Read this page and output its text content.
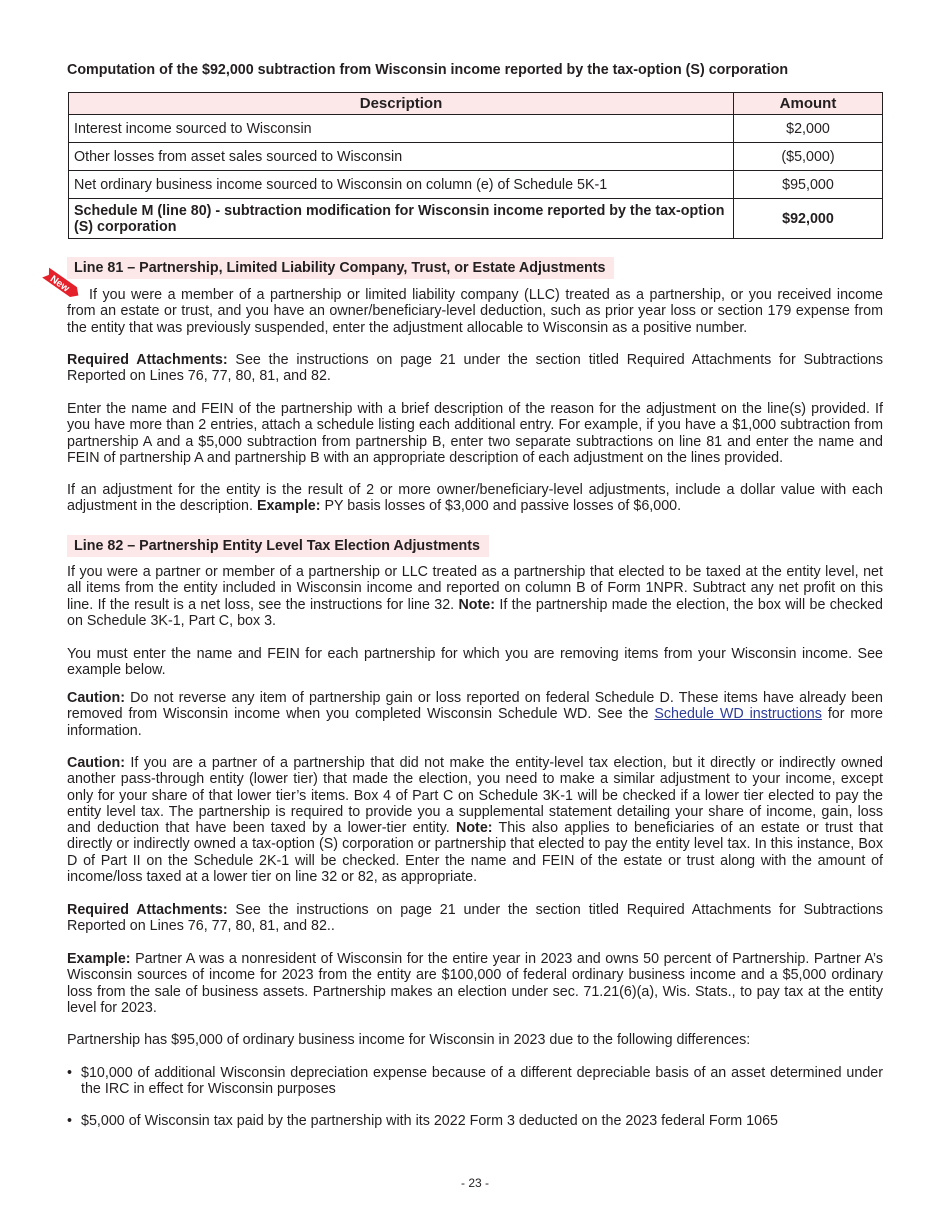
Computation of the $92,000 subtraction from Wisconsin income reported by the tax-option (S) corporation
Description	Amount
Interest income sourced to Wisconsin	$2,000
Other losses from asset sales sourced to Wisconsin	($5,000)
Net ordinary business income sourced to Wisconsin on column (e) of Schedule 5K-1	$95,000
Schedule M (line 80) - subtraction modification for Wisconsin income reported by the tax-option (S) corporation	$92,000
Line 81 – Partnership, Limited Liability Company, Trust, or Estate Adjustments
If you were a member of a partnership or limited liability company (LLC) treated as a partnership, or you received income from an estate or trust, and you have an owner/beneficiary-level deduction, such as prior year loss or section 179 expense from the entity that was previously suspended, enter the adjustment allocable to Wisconsin as a positive number.
Required Attachments: See the instructions on page 21 under the section titled Required Attachments for Subtractions Reported on Lines 76, 77, 80, 81, and 82.
Enter the name and FEIN of the partnership with a brief description of the reason for the adjustment on the line(s) provided. If you have more than 2 entries, attach a schedule listing each additional entry. For example, if you have a $1,000 subtraction from partnership A and a $5,000 subtraction from partnership B, enter two separate subtractions on line 81 and enter the name and FEIN of partnership A and partnership B with an appropriate description of each adjustment on the lines provided.
If an adjustment for the entity is the result of 2 or more owner/beneficiary-level adjustments, include a dollar value with each adjustment in the description. Example: PY basis losses of $3,000 and passive losses of $6,000.
Line 82 – Partnership Entity Level Tax Election Adjustments
If you were a partner or member of a partnership or LLC treated as a partnership that elected to be taxed at the entity level, net all items from the entity included in Wisconsin income and reported on column B of Form 1NPR. Subtract any net profit on this line. If the result is a net loss, see the instructions for line 32. Note: If the partnership made the election, the box will be checked on Schedule 3K-1, Part C, box 3.
You must enter the name and FEIN for each partnership for which you are removing items from your Wisconsin income. See example below.
Caution: Do not reverse any item of partnership gain or loss reported on federal Schedule D. These items have already been removed from Wisconsin income when you completed Wisconsin Schedule WD. See the Schedule WD instructions for more information.
Caution: If you are a partner of a partnership that did not make the entity-level tax election, but it directly or indirectly owned another pass-through entity (lower tier) that made the election, you need to make a similar adjustment to your income, except only for your share of that lower tier’s items. Box 4 of Part C on Schedule 3K-1 will be checked if a lower tier elected to pay the entity level tax. The partnership is required to provide you a supplemental statement detailing your share of income, gain, loss and deduction that have been taxed by a lower-tier entity. Note: This also applies to beneficiaries of an estate or trust that directly or indirectly owned a tax-option (S) corporation or partnership that elected to pay the entity level tax. In this instance, Box D of Part II on the Schedule 2K-1 will be checked. Enter the name and FEIN of the estate or trust along with the amount of income/loss taxed at a lower tier on line 32 or 82, as appropriate.
Required Attachments: See the instructions on page 21 under the section titled Required Attachments for Subtractions Reported on Lines 76, 77, 80, 81, and 82..
Example: Partner A was a nonresident of Wisconsin for the entire year in 2023 and owns 50 percent of Partnership. Partner A’s Wisconsin sources of income for 2023 from the entity are $100,000 of federal ordinary business income and a $5,000 ordinary loss from the sale of business assets. Partnership makes an election under sec. 71.21(6)(a), Wis. Stats., to pay tax at the entity level for 2023.
Partnership has $95,000 of ordinary business income for Wisconsin in 2023 due to the following differences:
• $10,000 of additional Wisconsin depreciation expense because of a different depreciable basis of an asset determined under the IRC in effect for Wisconsin purposes
• $5,000 of Wisconsin tax paid by the partnership with its 2022 Form 3 deducted on the 2023 federal Form 1065
New
- 23 -
